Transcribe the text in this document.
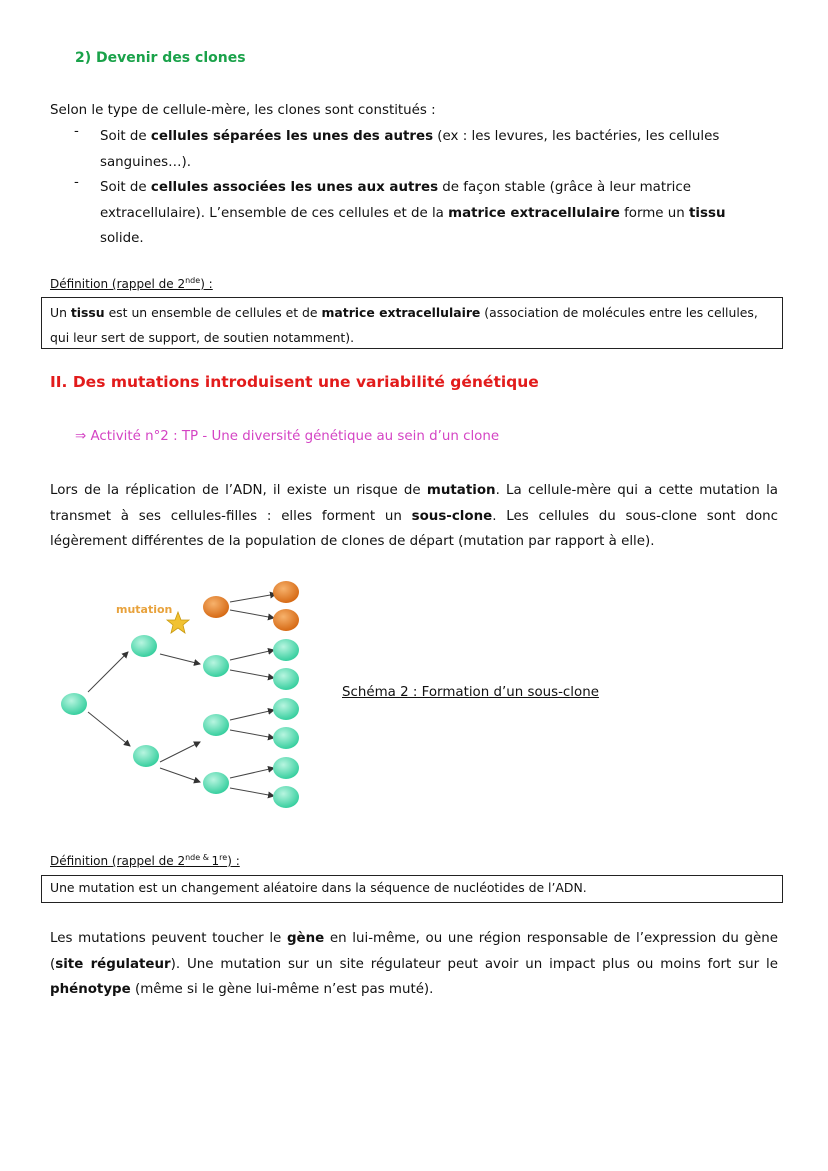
2) Devenir des clones
Selon le type de cellule-mère, les clones sont constitués :
- Soit de cellules séparées les unes des autres (ex : les levures, les bactéries, les cellules sanguines…).
- Soit de cellules associées les unes aux autres de façon stable (grâce à leur matrice extracellulaire). L’ensemble de ces cellules et de la matrice extracellulaire forme un tissu solide.
Définition (rappel de 2nde) :
Un tissu est un ensemble de cellules et de matrice extracellulaire (association de molécules entre les cellules, qui leur sert de support, de soutien notamment).
II. Des mutations introduisent une variabilité génétique
⇒ Activité n°2 : TP - Une diversité génétique au sein d’un clone
Lors de la réplication de l’ADN, il existe un risque de mutation. La cellule-mère qui a cette mutation la transmet à ses cellules-filles : elles forment un sous-clone. Les cellules du sous-clone sont donc légèrement différentes de la population de clones de départ (mutation par rapport à elle).
mutation
Schéma 2 : Formation d’un sous-clone
Définition (rappel de $2^{nde \&}$ 1re) :
Une mutation est un changement aléatoire dans la séquence de nucléotides de l’ADN.
Les mutations peuvent toucher le gène en lui-même, ou une région responsable de l’expression du gène (site régulateur). Une mutation sur un site régulateur peut avoir un impact plus ou moins fort sur le phénotype (même si le gène lui-même n’est pas muté).
